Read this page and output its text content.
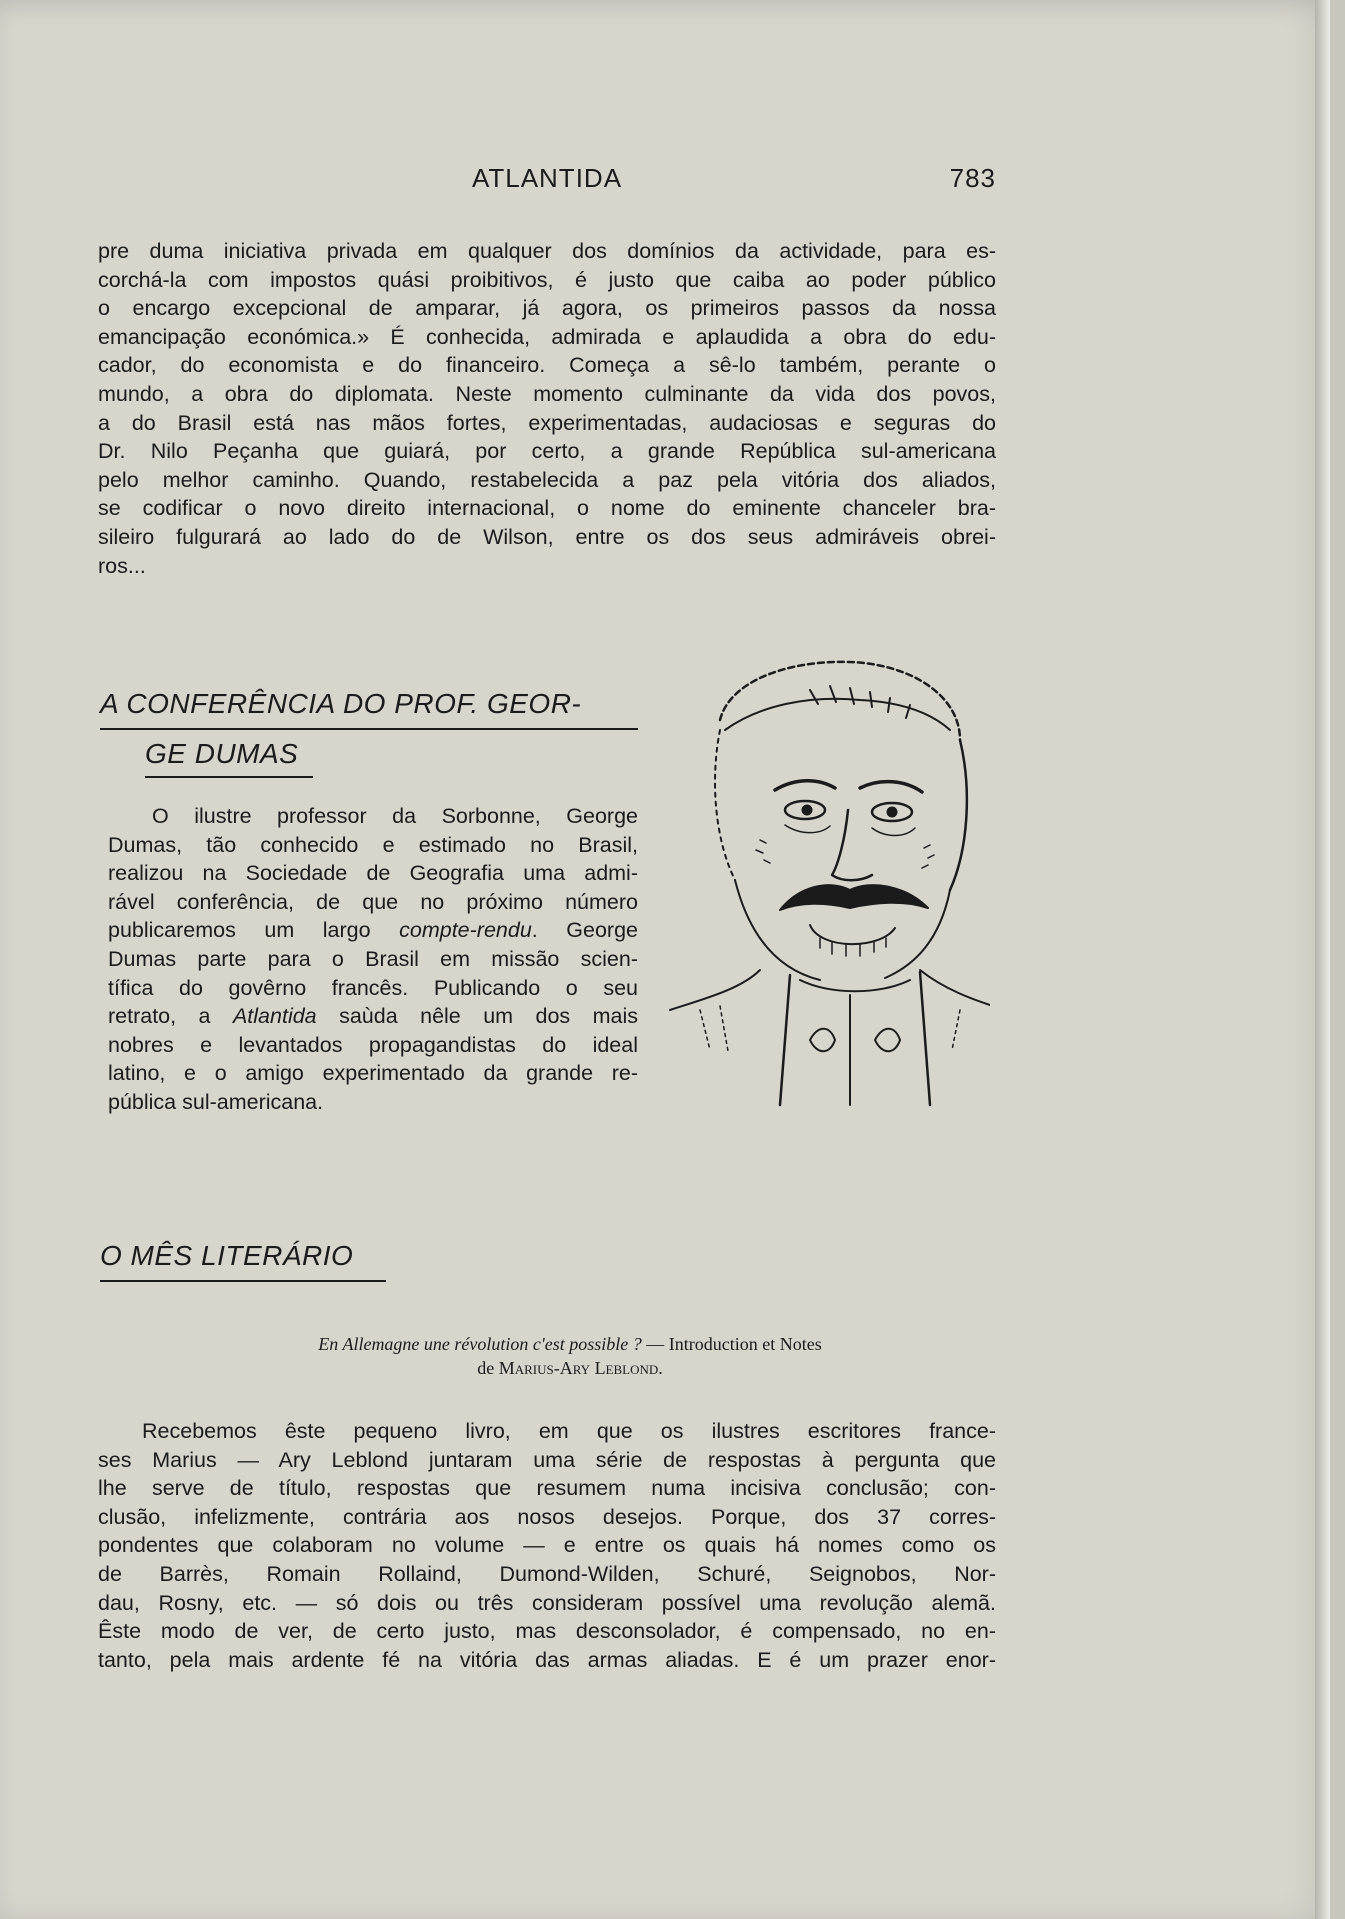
ATLANTIDA	783
pre duma iniciativa privada em qualquer dos domínios da actividade, para es-
corchá-la com impostos quási proibitivos, é justo que caiba ao poder público
o encargo excepcional de amparar, já agora, os primeiros passos da nossa
emancipação económica.» É conhecida, admirada e aplaudida a obra do edu-
cador, do economista e do financeiro. Começa a sê-lo também, perante o
mundo, a obra do diplomata. Neste momento culminante da vida dos povos,
a do Brasil está nas mãos fortes, experimentadas, audaciosas e seguras do
Dr. Nilo Peçanha que guiará, por certo, a grande República sul-americana
pelo melhor caminho. Quando, restabelecida a paz pela vitória dos aliados,
se codificar o novo direito internacional, o nome do eminente chanceler bra-
sileiro fulgurará ao lado do de Wilson, entre os dos seus admiráveis obrei-
ros...
A CONFERÊNCIA DO PROF. GEOR-
GE DUMAS
O ilustre professor da Sorbonne, George
Dumas, tão conhecido e estimado no Brasil,
realizou na Sociedade de Geografia uma admi-
rável conferência, de que no próximo número
publicaremos um largo compte-rendu. George
Dumas parte para o Brasil em missão scien-
tífica do govêrno francês. Publicando o seu
retrato, a Atlantida saùda nêle um dos mais
nobres e levantados propagandistas do ideal
latino, e o amigo experimentado da grande re-
pública sul-americana.
O MÊS LITERÁRIO
En Allemagne une révolution c'est possible ? — Introduction et Notes
de Marius-Ary Leblond.
Recebemos êste pequeno livro, em que os ilustres escritores france-
ses Marius — Ary Leblond juntaram uma série de respostas à pergunta que
lhe serve de título, respostas que resumem numa incisiva conclusão; con-
clusão, infelizmente, contrária aos nosos desejos. Porque, dos 37 corres-
pondentes que colaboram no volume — e entre os quais há nomes como os
de Barrès, Romain Rollaind, Dumond-Wilden, Schuré, Seignobos, Nor-
dau, Rosny, etc. — só dois ou três consideram possível uma revolução alemã.
Êste modo de ver, de certo justo, mas desconsolador, é compensado, no en-
tanto, pela mais ardente fé na vitória das armas aliadas. E é um prazer enor-
